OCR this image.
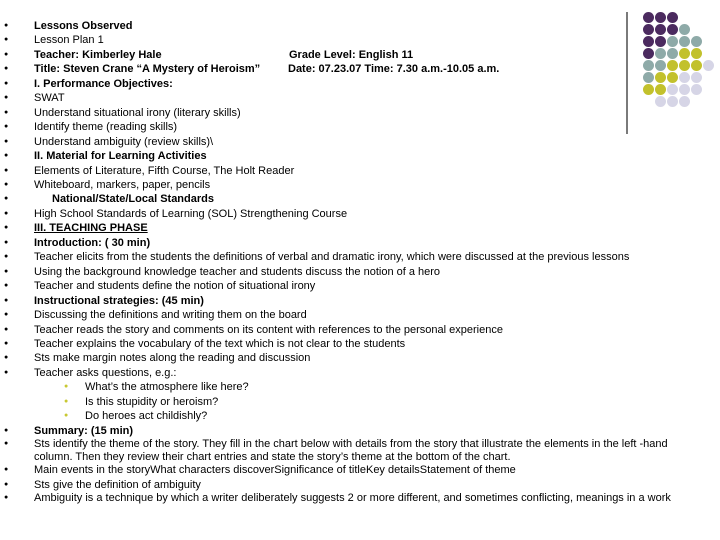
● Lessons Observed
● Lesson Plan 1
● Teacher: Kimberley Hale	Grade Level: English 11
● Title: Steven Crane “A Mystery of Heroism”	Date: 07.23.07 Time: 7.30 a.m.-10.05 a.m.
● I. Performance Objectives:
● SWAT
● Understand situational irony (literary skills)
● Identify theme (reading skills)
● Understand ambiguity (review skills)\
● II. Material for Learning Activities
● Elements of Literature, Fifth Course, The Holt Reader
● Whiteboard, markers, paper, pencils
● National/State/Local Standards
● High School Standards of Learning (SOL) Strengthening Course
● III. TEACHING PHASE
● Introduction: ( 30 min)
● Teacher elicits from the students the definitions of verbal and dramatic irony, which were discussed at the previous lessons
● Using the background knowledge teacher and students discuss the notion of a hero
● Teacher and students define the notion of situational irony
● Instructional strategies: (45 min)
● Discussing the definitions and writing them on the board
● Teacher reads the story and comments on its content with references to the personal experience
● Teacher explains the vocabulary of the text which is not clear to the students
● Sts make margin notes along the reading and discussion
● Teacher asks questions, e.g.:
● What’s the atmosphere like here?
● Is this stupidity or heroism?
● Do heroes act childishly?
● Summary: (15 min)
● Sts identify the theme of the story. They fill in the chart below with details from the story that illustrate the elements in the left -hand column. Then they review their chart entries and state the story’s theme at the bottom of the chart.
● Main events in the storyWhat characters discoverSignificance of titleKey detailsStatement of theme
● Sts give the definition of ambiguity
● Ambiguity is a technique by which a writer deliberately suggests 2 or more different, and sometimes conflicting, meanings in a work
